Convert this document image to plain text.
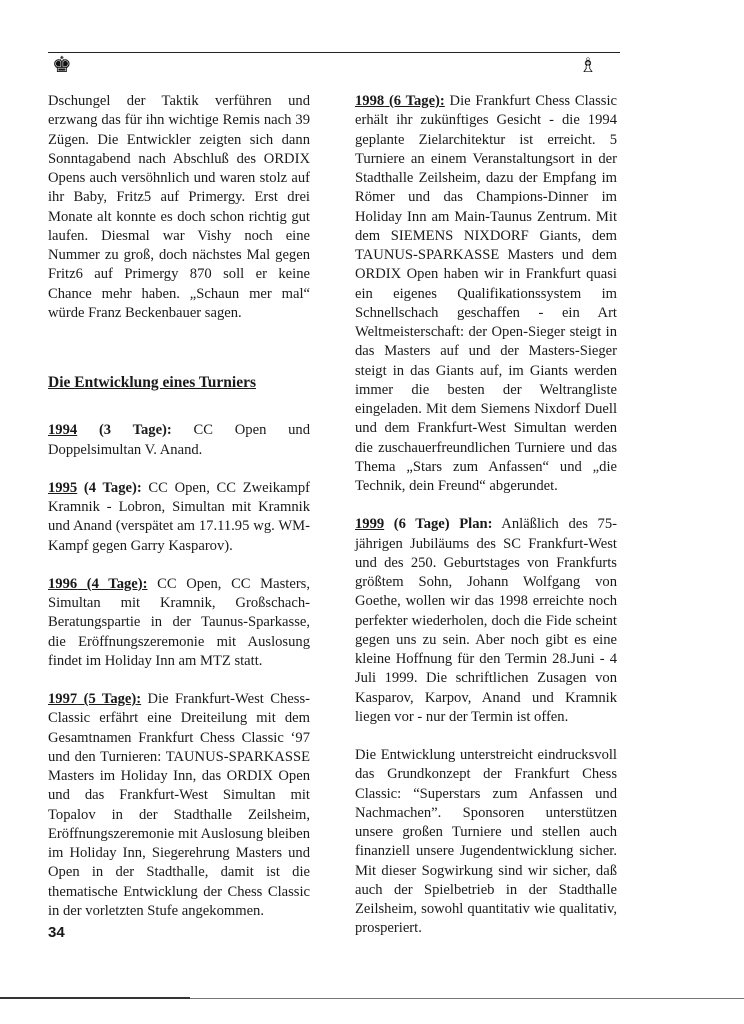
♚	♗

Dschungel der Taktik verführen und erzwang das für ihn wichtige Remis nach 39 Zügen. Die Entwickler zeigten sich dann Sonntagabend nach Abschluß des ORDIX Opens auch versöhnlich und waren stolz auf ihr Baby, Fritz5 auf Primergy. Erst drei Monate alt konnte es doch schon richtig gut laufen. Diesmal war Vishy noch eine Nummer zu groß, doch nächstes Mal gegen Fritz6 auf Primergy 870 soll er keine Chance mehr haben. „Schaun mer mal“ würde Franz Beckenbauer sagen.

Die Entwicklung eines Turniers

1994 (3 Tage): CC Open und Doppelsimultan V. Anand.

1995 (4 Tage): CC Open, CC Zweikampf Kramnik - Lobron, Simultan mit Kramnik und Anand (verspätet am 17.11.95 wg. WM-Kampf gegen Garry Kasparov).

1996 (4 Tage): CC Open, CC Masters, Simultan mit Kramnik, Großschach-Beratungspartie in der Taunus-Sparkasse, die Eröffnungszeremonie mit Auslosung findet im Holiday Inn am MTZ statt.

1997 (5 Tage): Die Frankfurt-West Chess-Classic erfährt eine Dreiteilung mit dem Gesamtnamen Frankfurt Chess Classic ‘97 und den Turnieren: TAUNUS-SPARKASSE Masters im Holiday Inn, das ORDIX Open und das Frankfurt-West Simultan mit Topalov in der Stadthalle Zeilsheim, Eröffnungszeremonie mit Auslosung bleiben im Holiday Inn, Siegerehrung Masters und Open in der Stadthalle, damit ist die thematische Entwicklung der Chess Classic in der vorletzten Stufe angekommen.

1998 (6 Tage): Die Frankfurt Chess Classic erhält ihr zukünftiges Gesicht - die 1994 geplante Zielarchitektur ist erreicht. 5 Turniere an einem Veranstaltungsort in der Stadthalle Zeilsheim, dazu der Empfang im Römer und das Champions-Dinner im Holiday Inn am Main-Taunus Zentrum. Mit dem SIEMENS NIXDORF Giants, dem TAUNUS-SPARKASSE Masters und dem ORDIX Open haben wir in Frankfurt quasi ein eigenes Qualifikationssystem im Schnellschach geschaffen - ein Art Weltmeisterschaft: der Open-Sieger steigt in das Masters auf und der Masters-Sieger steigt in das Giants auf, im Giants werden immer die besten der Weltrangliste eingeladen. Mit dem Siemens Nixdorf Duell und dem Frankfurt-West Simultan werden die zuschauerfreundlichen Turniere und das Thema „Stars zum Anfassen“ und „die Technik, dein Freund“ abgerundet.

1999 (6 Tage) Plan: Anläßlich des 75-jährigen Jubiläums des SC Frankfurt-West und des 250. Geburtstages von Frankfurts größtem Sohn, Johann Wolfgang von Goethe, wollen wir das 1998 erreichte noch perfekter wiederholen, doch die Fide scheint gegen uns zu sein. Aber noch gibt es eine kleine Hoffnung für den Termin 28.Juni - 4 Juli 1999. Die schriftlichen Zusagen von Kasparov, Karpov, Anand und Kramnik liegen vor - nur der Termin ist offen.

Die Entwicklung unterstreicht eindrucksvoll das Grundkonzept der Frankfurt Chess Classic: “Superstars zum Anfassen und Nachmachen”. Sponsoren unterstützen unsere großen Turniere und stellen auch finanziell unsere Jugendentwicklung sicher. Mit dieser Sogwirkung sind wir sicher, daß auch der Spielbetrieb in der Stadthalle Zeilsheim, sowohl quantitativ wie qualitativ, prosperiert.

34
